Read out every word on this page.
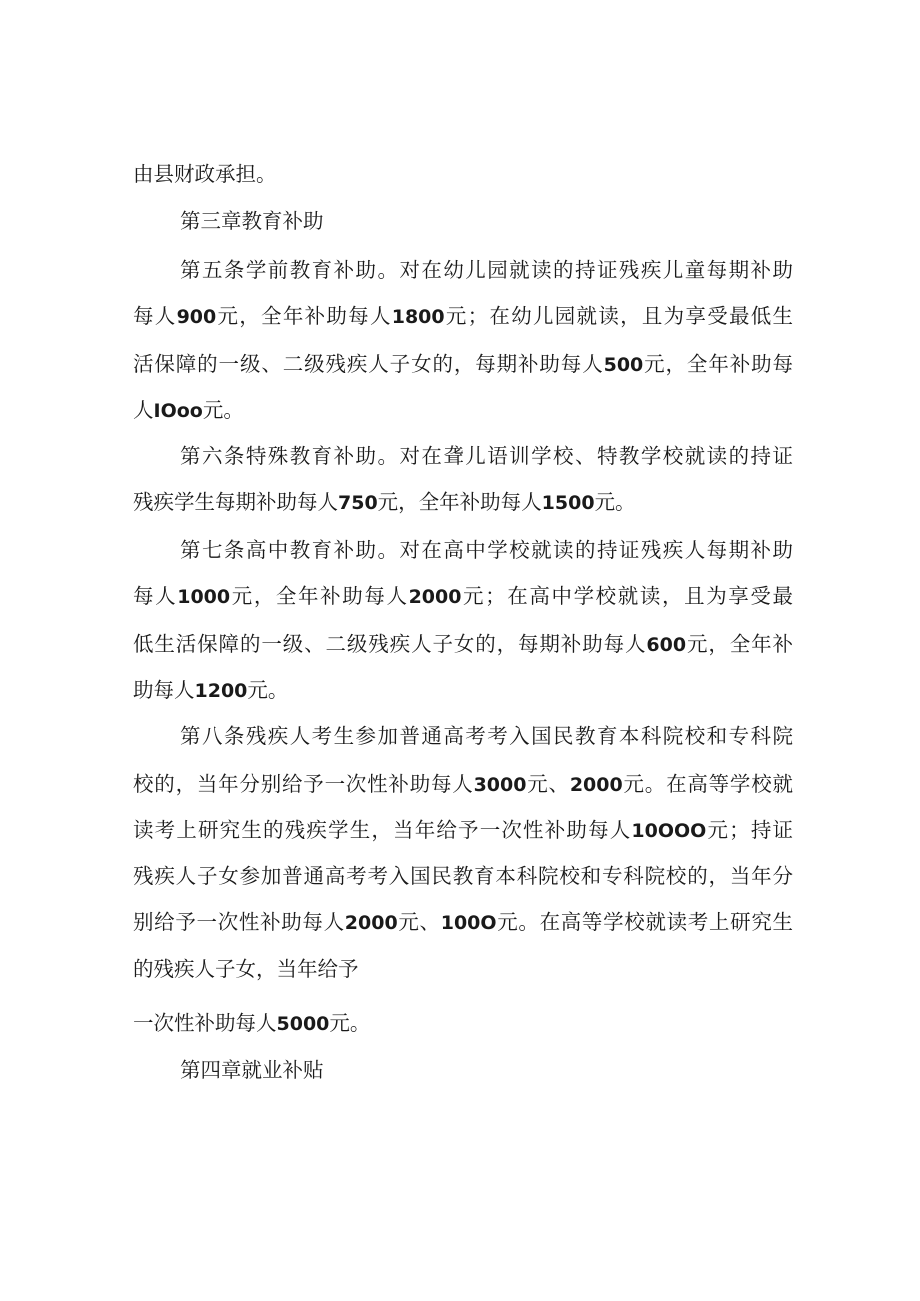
由县财政承担。
第三章教育补助
第五条学前教育补助。对在幼儿园就读的持证残疾儿童每期补助
每人900元，全年补助每人1800元；在幼儿园就读，且为享受最低生
活保障的一级、二级残疾人子女的，每期补助每人500元，全年补助每
人IOoo元。
第六条特殊教育补助。对在聋儿语训学校、特教学校就读的持证
残疾学生每期补助每人750元，全年补助每人1500元。
第七条高中教育补助。对在高中学校就读的持证残疾人每期补助
每人1000元，全年补助每人2000元；在高中学校就读，且为享受最
低生活保障的一级、二级残疾人子女的，每期补助每人600元，全年补
助每人1200元。
第八条残疾人考生参加普通高考考入国民教育本科院校和专科院
校的，当年分别给予一次性补助每人3000元、2000元。在高等学校就
读考上研究生的残疾学生，当年给予一次性补助每人10OOO元；持证
残疾人子女参加普通高考考入国民教育本科院校和专科院校的，当年分
别给予一次性补助每人2000元、100O元。在高等学校就读考上研究生
的残疾人子女，当年给予
一次性补助每人5000元。
第四章就业补贴
